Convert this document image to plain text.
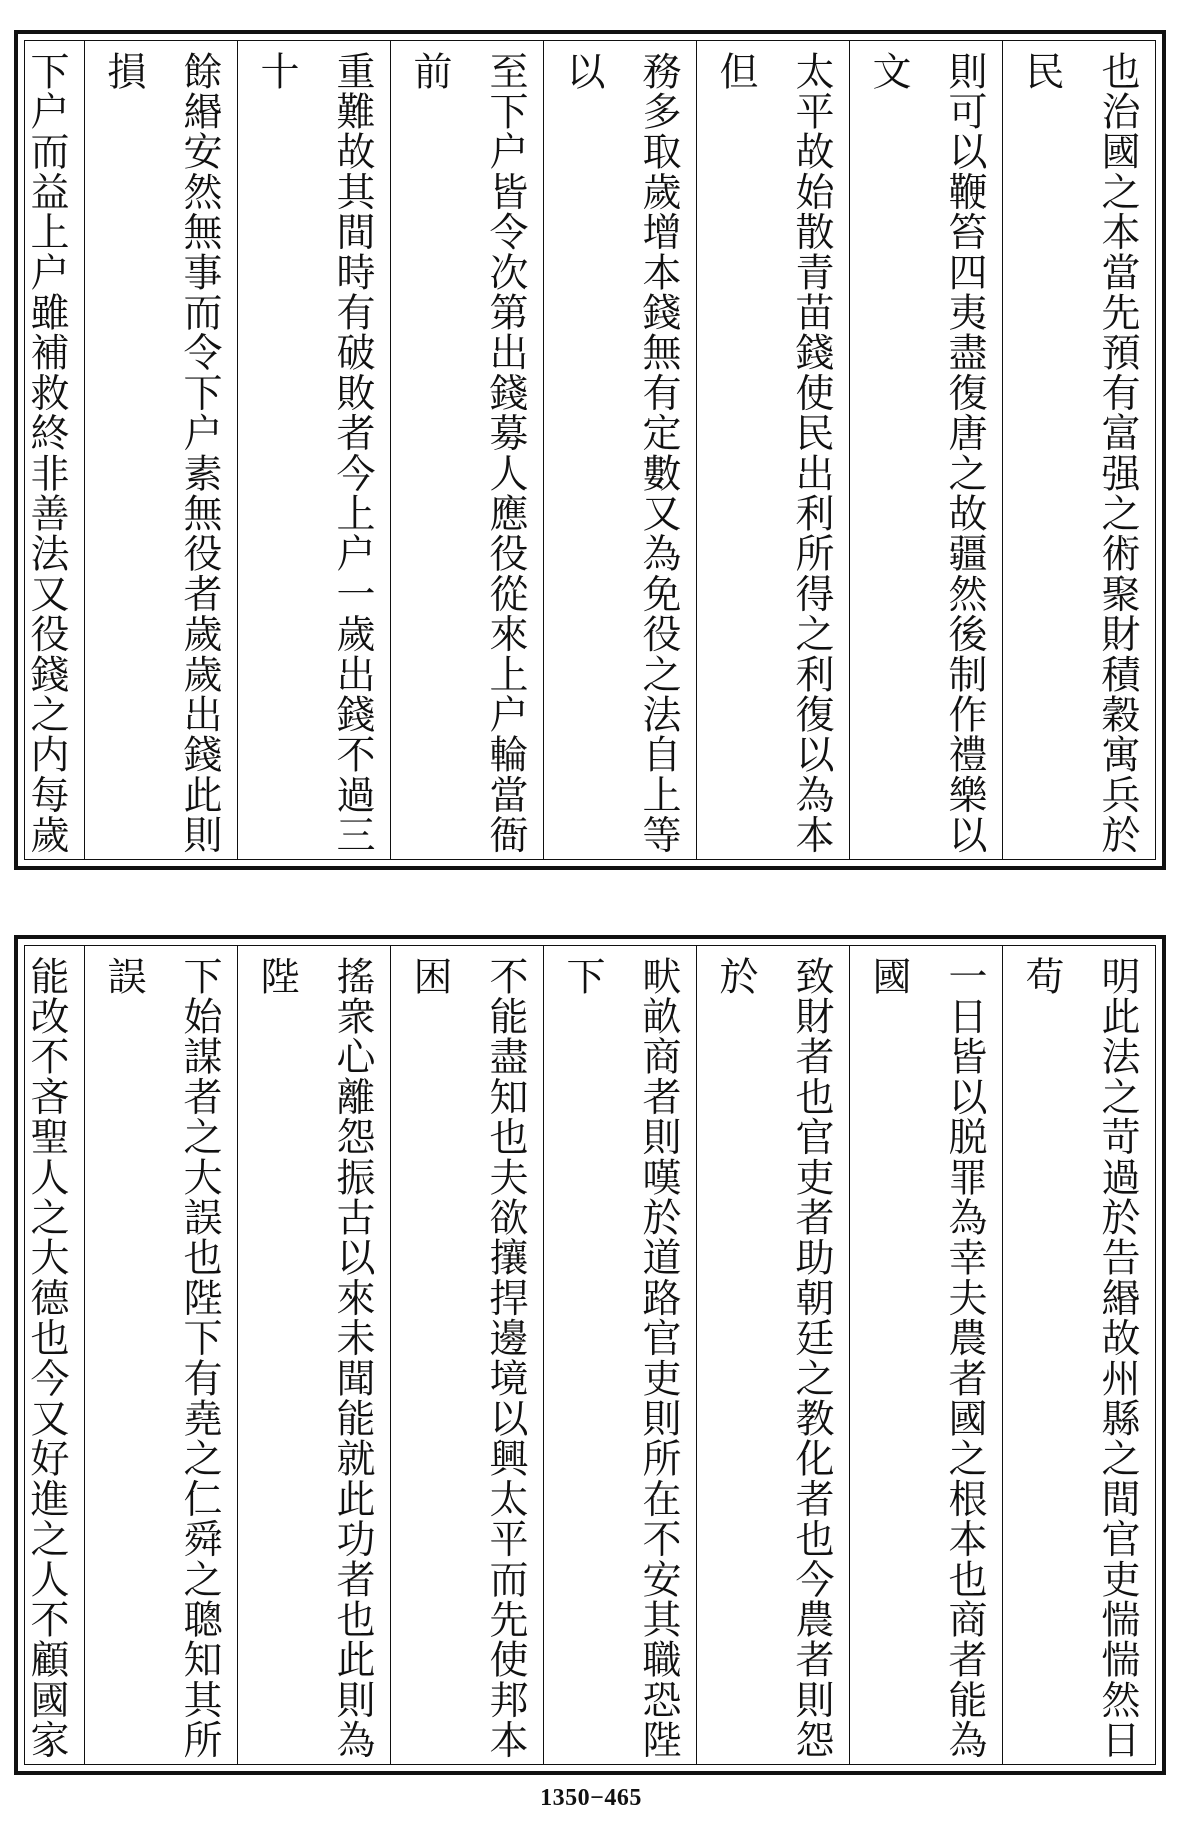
也治國之本當先預有富强之術聚財積穀寓兵於民
則可以鞭笞四夷盡復唐之故疆然後制作禮樂以文
太平故始散青苗錢使民出利所得之利復以為本但
務多取歲增本錢無有定數又為免役之法自上等以
至下户皆令次第出錢募人應役從來上户輪當衙前
重難故其間時有破敗者今上户一歲出錢不過三十
餘緡安然無事而令下户素無役者歲歲出錢此則損
下户而益上户雖補救終非善法又役錢之内每歲
明此法之苛過於告緡故州縣之間官吏惴惴然日苟
一日皆以脱罪為幸夫農者國之根本也商者能為國
致財者也官吏者助朝廷之教化者也今農者則怨於
畎畝商者則嘆於道路官吏則所在不安其職恐陛下
不能盡知也夫欲攘捍邊境以興太平而先使邦本困
搖衆心離怨振古以來未聞能就此功者也此則為陛
下始謀者之大誤也陛下有堯之仁舜之聰知其所誤
能改不吝聖人之大德也今又好進之人不顧國家
1350−465
